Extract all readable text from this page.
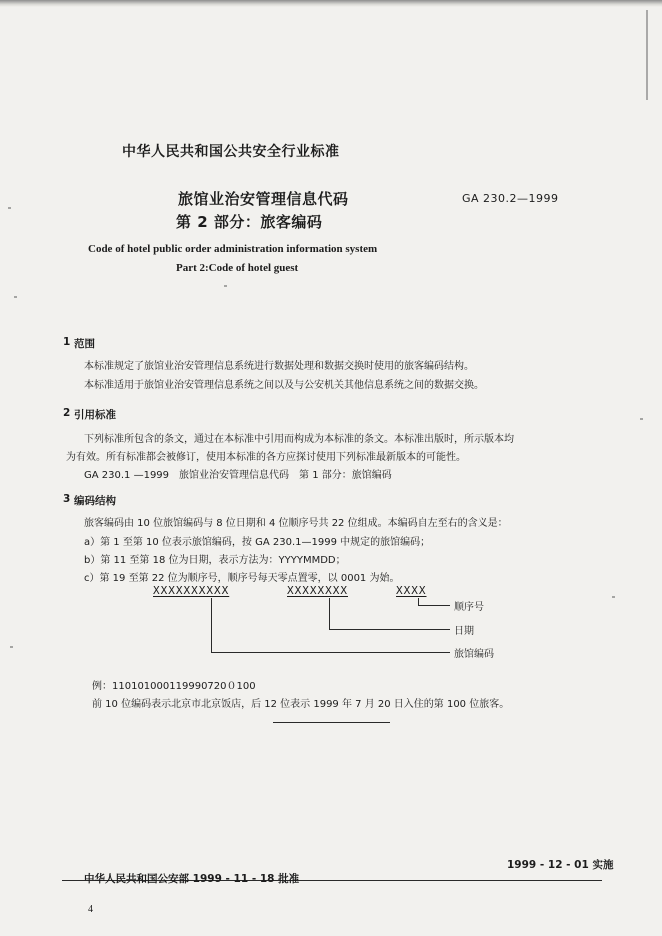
中华人民共和国公共安全行业标准
旅馆业治安管理信息代码
第 2 部分：旅客编码
GA 230.2—1999
Code of hotel public order administration information system
Part 2:Code of hotel guest
1 范围
本标准规定了旅馆业治安管理信息系统进行数据处理和数据交换时使用的旅客编码结构。
本标准适用于旅馆业治安管理信息系统之间以及与公安机关其他信息系统之间的数据交换。
2 引用标准
下列标准所包含的条文，通过在本标准中引用而构成为本标准的条文。本标准出版时，所示版本均
为有效。所有标准都会被修订，使用本标准的各方应探讨使用下列标准最新版本的可能性。
GA 230.1 —1999　旅馆业治安管理信息代码　第 1 部分：旅馆编码
3 编码结构
旅客编码由 10 位旅馆编码与 8 位日期和 4 位顺序号共 22 位组成。本编码自左至右的含义是：
a）第 1 至第 10 位表示旅馆编码，按 GA 230.1—1999 中规定的旅馆编码；
b）第 11 至第 18 位为日期，表示方法为：YYYYMMDD；
c）第 19 至第 22 位为顺序号，顺序号每天零点置零，以 0001 为始。
XXXXXXXXXX	XXXXXXXX	XXXX
顺序号
日期
旅馆编码
例：110101000119990720０100
前 10 位编码表示北京市北京饭店，后 12 位表示 1999 年 7 月 20 日入住的第 100 位旅客。
中华人民共和国公安部 1999 - 11 - 18 批准
1999 - 12 - 01 实施
4
